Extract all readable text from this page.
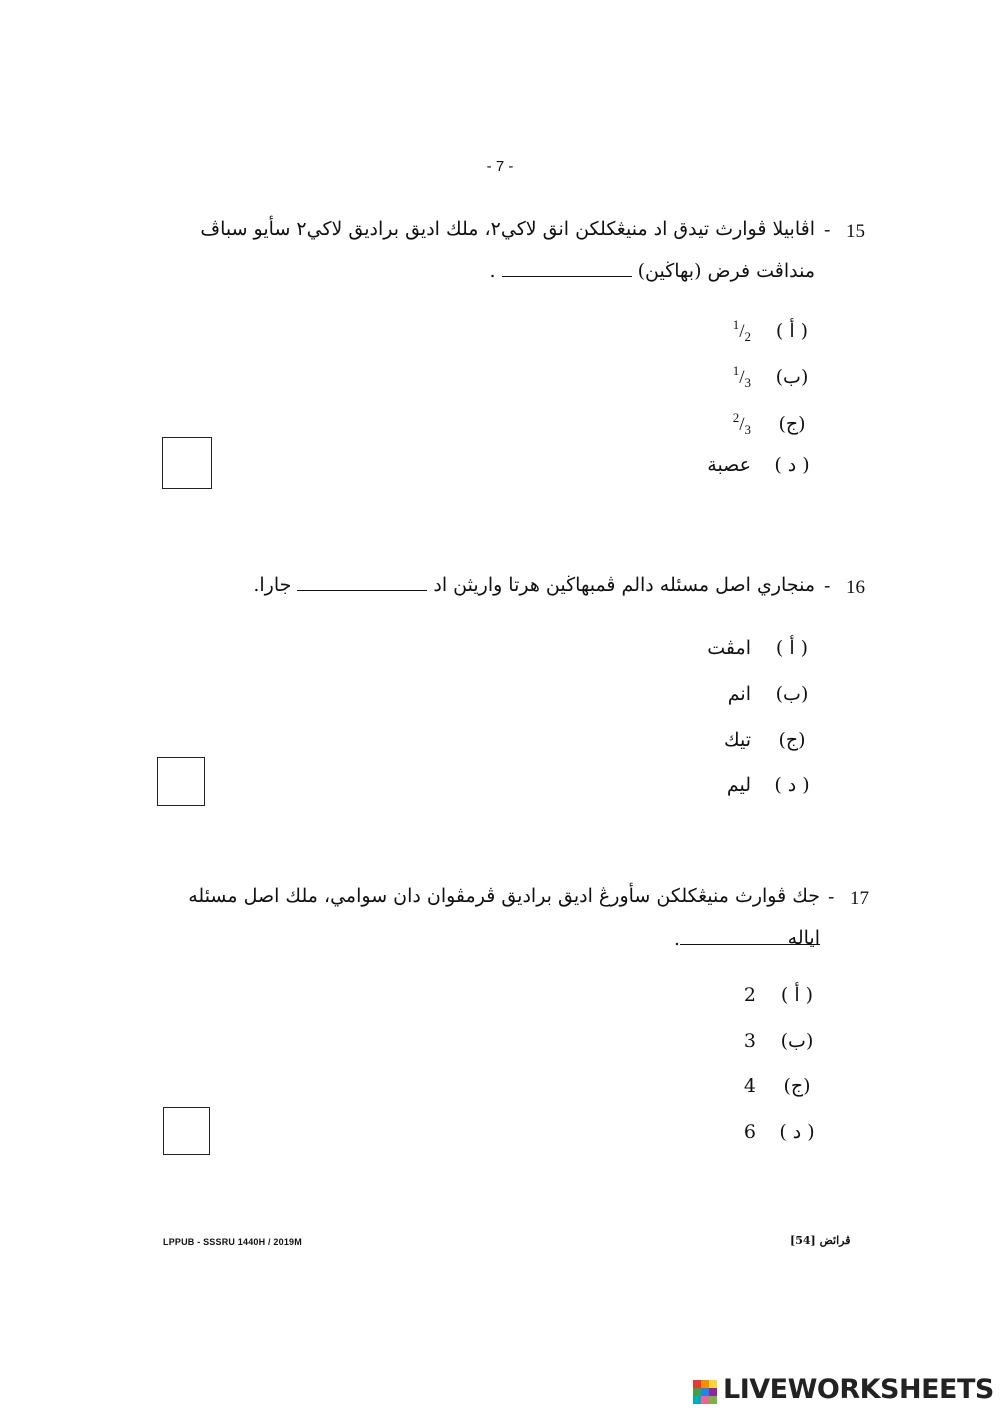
- 7 -
15
-
اڤابيلا ڤوارث تيدق اد منيڠكلكن انق لاكي٢، ملك اديق براديق لاكي٢ سأيو سباڤ
منداڤت فرض (بهاڬين).
( أ )$^1/_2$
$(ب)^1/_3$
$(ج)^2/_3$
( د )عصبة
16
-
منجاري اصل مسئله دالم ڤمبهاڬين هرتا واريثن ادجارا.
( أ )امڤت
(ب)انم
(ج)تيك
( د )ليم
17
-
جك ڤوارث منيڠكلكن سأورڠ اديق براديق ڤرمڤوان دان سوامي، ملك اصل مسئله اياله
.
( أ )2
(ب)3
(ج)4
( د )6
LPPUB - SSSRU 1440H / 2019M	ڤرائض [54]
LIVEWORKSHEETS
